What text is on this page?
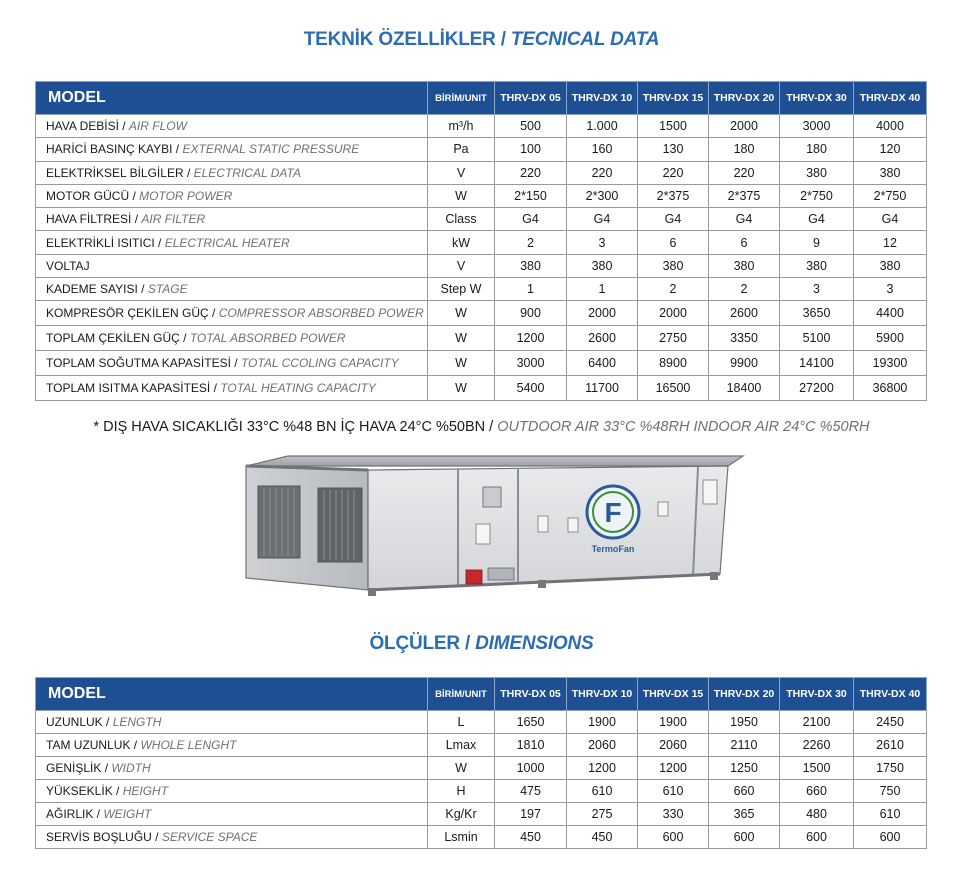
TEKNİK ÖZELLİKLER / TECNICAL DATA
MODEL	BİRİM/UNIT	THRV-DX 05	THRV-DX 10	THRV-DX 15	THRV-DX 20	THRV-DX 30	THRV-DX 40
HAVA DEBİSİ / AIR FLOW	m³/h	500	1.000	1500	2000	3000	4000
HARİCİ BASINÇ KAYBI / EXTERNAL STATIC PRESSURE	Pa	100	160	130	180	180	120
ELEKTRİKSEL BİLGİLER / ELECTRICAL DATA	V	220	220	220	220	380	380
MOTOR GÜCÜ / MOTOR POWER	W	2*150	2*300	2*375	2*375	2*750	2*750
HAVA FİLTRESİ / AIR FILTER	Class	G4	G4	G4	G4	G4	G4
ELEKTRİKLİ ISITICI / ELECTRICAL HEATER	kW	2	3	6	6	9	12
VOLTAJ	V	380	380	380	380	380	380
KADEME SAYISI / STAGE	Step W	1	1	2	2	3	3
KOMPRESÖR ÇEKİLEN GÜÇ / COMPRESSOR ABSORBED POWER	W	900	2000	2000	2600	3650	4400
TOPLAM ÇEKİLEN GÜÇ / TOTAL ABSORBED POWER	W	1200	2600	2750	3350	5100	5900
TOPLAM SOĞUTMA KAPASİTESİ / TOTAL CCOLING CAPACITY	W	3000	6400	8900	9900	14100	19300
TOPLAM ISITMA KAPASİTESİ / TOTAL HEATING CAPACITY	W	5400	11700	16500	18400	27200	36800
* DIŞ HAVA SICAKLIĞI 33°C %48 BN İÇ HAVA 24°C %50BN / OUTDOOR AIR 33°C %48RH INDOOR AIR 24°C %50RH
F
TermoFan
ÖLÇÜLER / DIMENSIONS
MODEL	BİRİM/UNIT	THRV-DX 05	THRV-DX 10	THRV-DX 15	THRV-DX 20	THRV-DX 30	THRV-DX 40
UZUNLUK / LENGTH	L	1650	1900	1900	1950	2100	2450
TAM UZUNLUK / WHOLE LENGHT	Lmax	1810	2060	2060	2110	2260	2610
GENİŞLİK / WIDTH	W	1000	1200	1200	1250	1500	1750
YÜKSEKLİK / HEIGHT	H	475	610	610	660	660	750
AĞIRLIK / WEIGHT	Kg/Kr	197	275	330	365	480	610
SERVİS BOŞLUĞU / SERVICE SPACE	Lsmin	450	450	600	600	600	600
